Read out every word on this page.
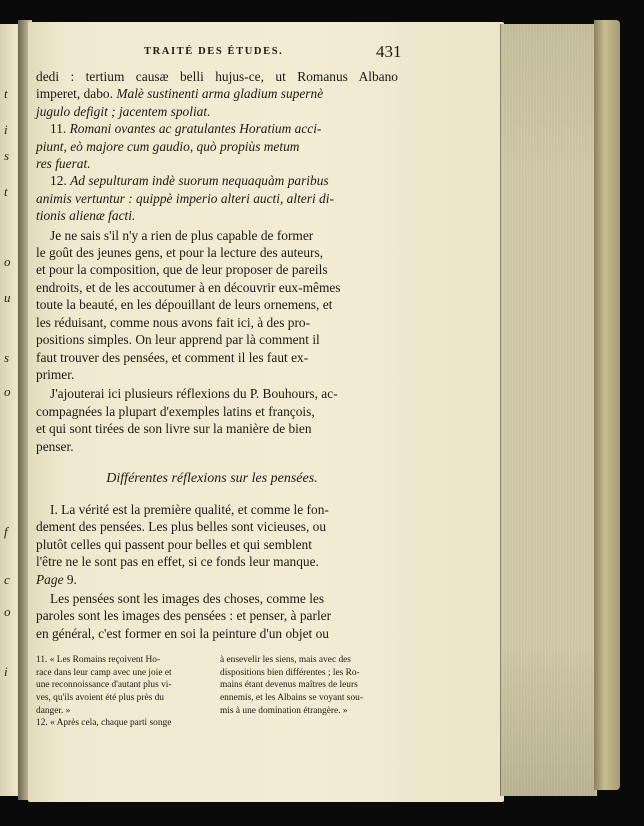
t
i
s
t
o
u
s
o
f
c
o
i
TRAITÉ DES ÉTUDES.	431
dedi : tertium causæ belli hujus-ce, ut Romanus Albano
imperet, dabo. Malè sustinenti arma gladium supernè
jugulo defigit ; jacentem spoliat.
11. Romani ovantes ac gratulantes Horatium acci-
piunt, eò majore cum gaudio, quò propiùs metum
res fuerat.
12. Ad sepulturam indè suorum nequaquàm paribus
animis vertuntur : quippè imperio alteri aucti, alteri di-
tionis alienæ facti.
Je ne sais s'il n'y a rien de plus capable de former
le goût des jeunes gens, et pour la lecture des auteurs,
et pour la composition, que de leur proposer de pareils
endroits, et de les accoutumer à en découvrir eux-mêmes
toute la beauté, en les dépouillant de leurs ornemens, et
les réduisant, comme nous avons fait ici, à des pro-
positions simples. On leur apprend par là comment il
faut trouver des pensées, et comment il les faut ex-
primer.
J'ajouterai ici plusieurs réflexions du P. Bouhours, ac-
compagnées la plupart d'exemples latins et françois,
et qui sont tirées de son livre sur la manière de bien
penser.
Différentes réflexions sur les pensées.
I. La vérité est la première qualité, et comme le fon-
dement des pensées. Les plus belles sont vicieuses, ou
plutôt celles qui passent pour belles et qui semblent
l'être ne le sont pas en effet, si ce fonds leur manque.
Page 9.
Les pensées sont les images des choses, comme les
paroles sont les images des pensées : et penser, à parler
en général, c'est former en soi la peinture d'un objet ou
11. « Les Romains reçoivent Ho-
race dans leur camp avec une joie et
une reconnoissance d'autant plus vi-
ves, qu'ils avoient été plus près du
danger. »
12. « Après cela, chaque parti songe
à ensevelir les siens, mais avec des
dispositions bien différentes ; les Ro-
mains étant devenus maîtres de leurs
ennemis, et les Albains se voyant sou-
mis à une domination étrangère. »
